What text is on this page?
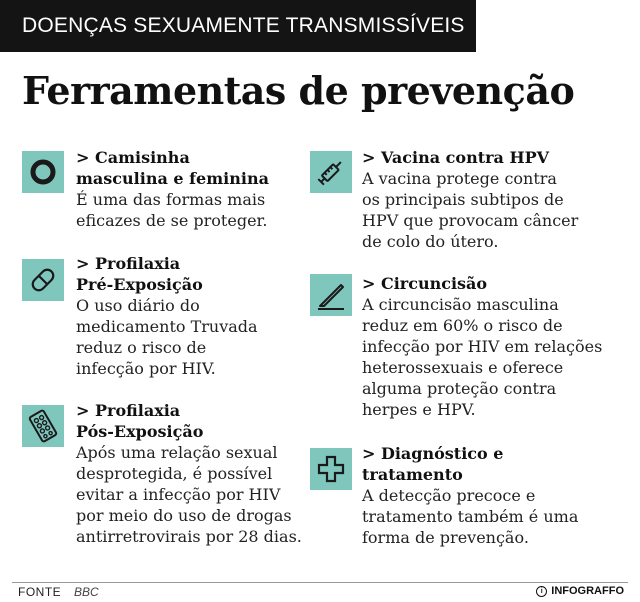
DOENÇAS SEXUAMENTE TRANSMISSÍVEIS
Ferramentas de prevenção
> Camisinha
masculina e feminina
É uma das formas mais
eficazes de se proteger.
> Profilaxia
Pré-Exposição
O uso diário do
medicamento Truvada
reduz o risco de
infecção por HIV.
> Profilaxia
Pós-Exposição
Após uma relação sexual
desprotegida, é possível
evitar a infecção por HIV
por meio do uso de drogas
antirretrovirais por 28 dias.
> Vacina contra HPV
A vacina protege contra
os principais subtipos de
HPV que provocam câncer
de colo do útero.
> Circuncisão
A circuncisão masculina
reduz em 60% o risco de
infecção por HIV em relações
heterossexuais e oferece
alguma proteção contra
herpes e HPV.
> Diagnóstico e
tratamento
A detecção precoce e
tratamento também é uma
forma de prevenção.
FONTE BBC	i INFOGRAFFO
